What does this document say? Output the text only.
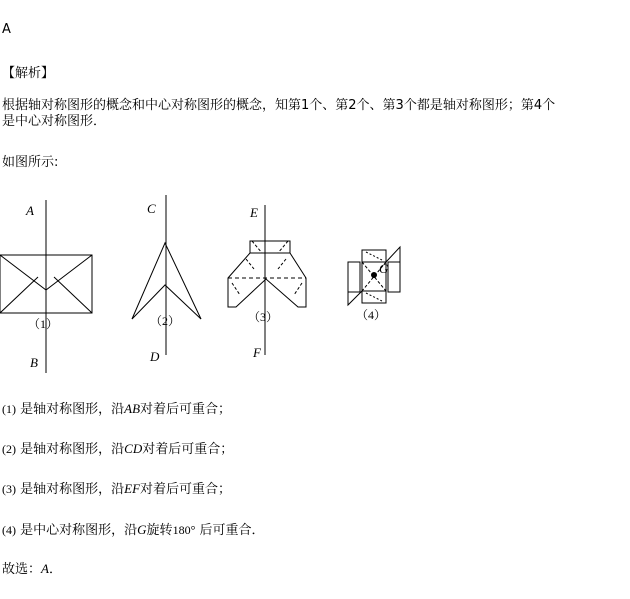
A
【解析】
根据轴对称图形的概念和中心对称图形的概念，知第1个、第2个、第3个都是轴对称图形；第4个
是中心对称图形．
如图所示:
A
B
C
D
E
F
G
（1）	（2）	（3）	（4）
(1) 是轴对称图形，沿AB对着后可重合；
(2) 是轴对称图形，沿CD对着后可重合；
(3) 是轴对称图形，沿EF对着后可重合；
(4) 是中心对称图形，沿G旋转180° 后可重合．
故选：A．
